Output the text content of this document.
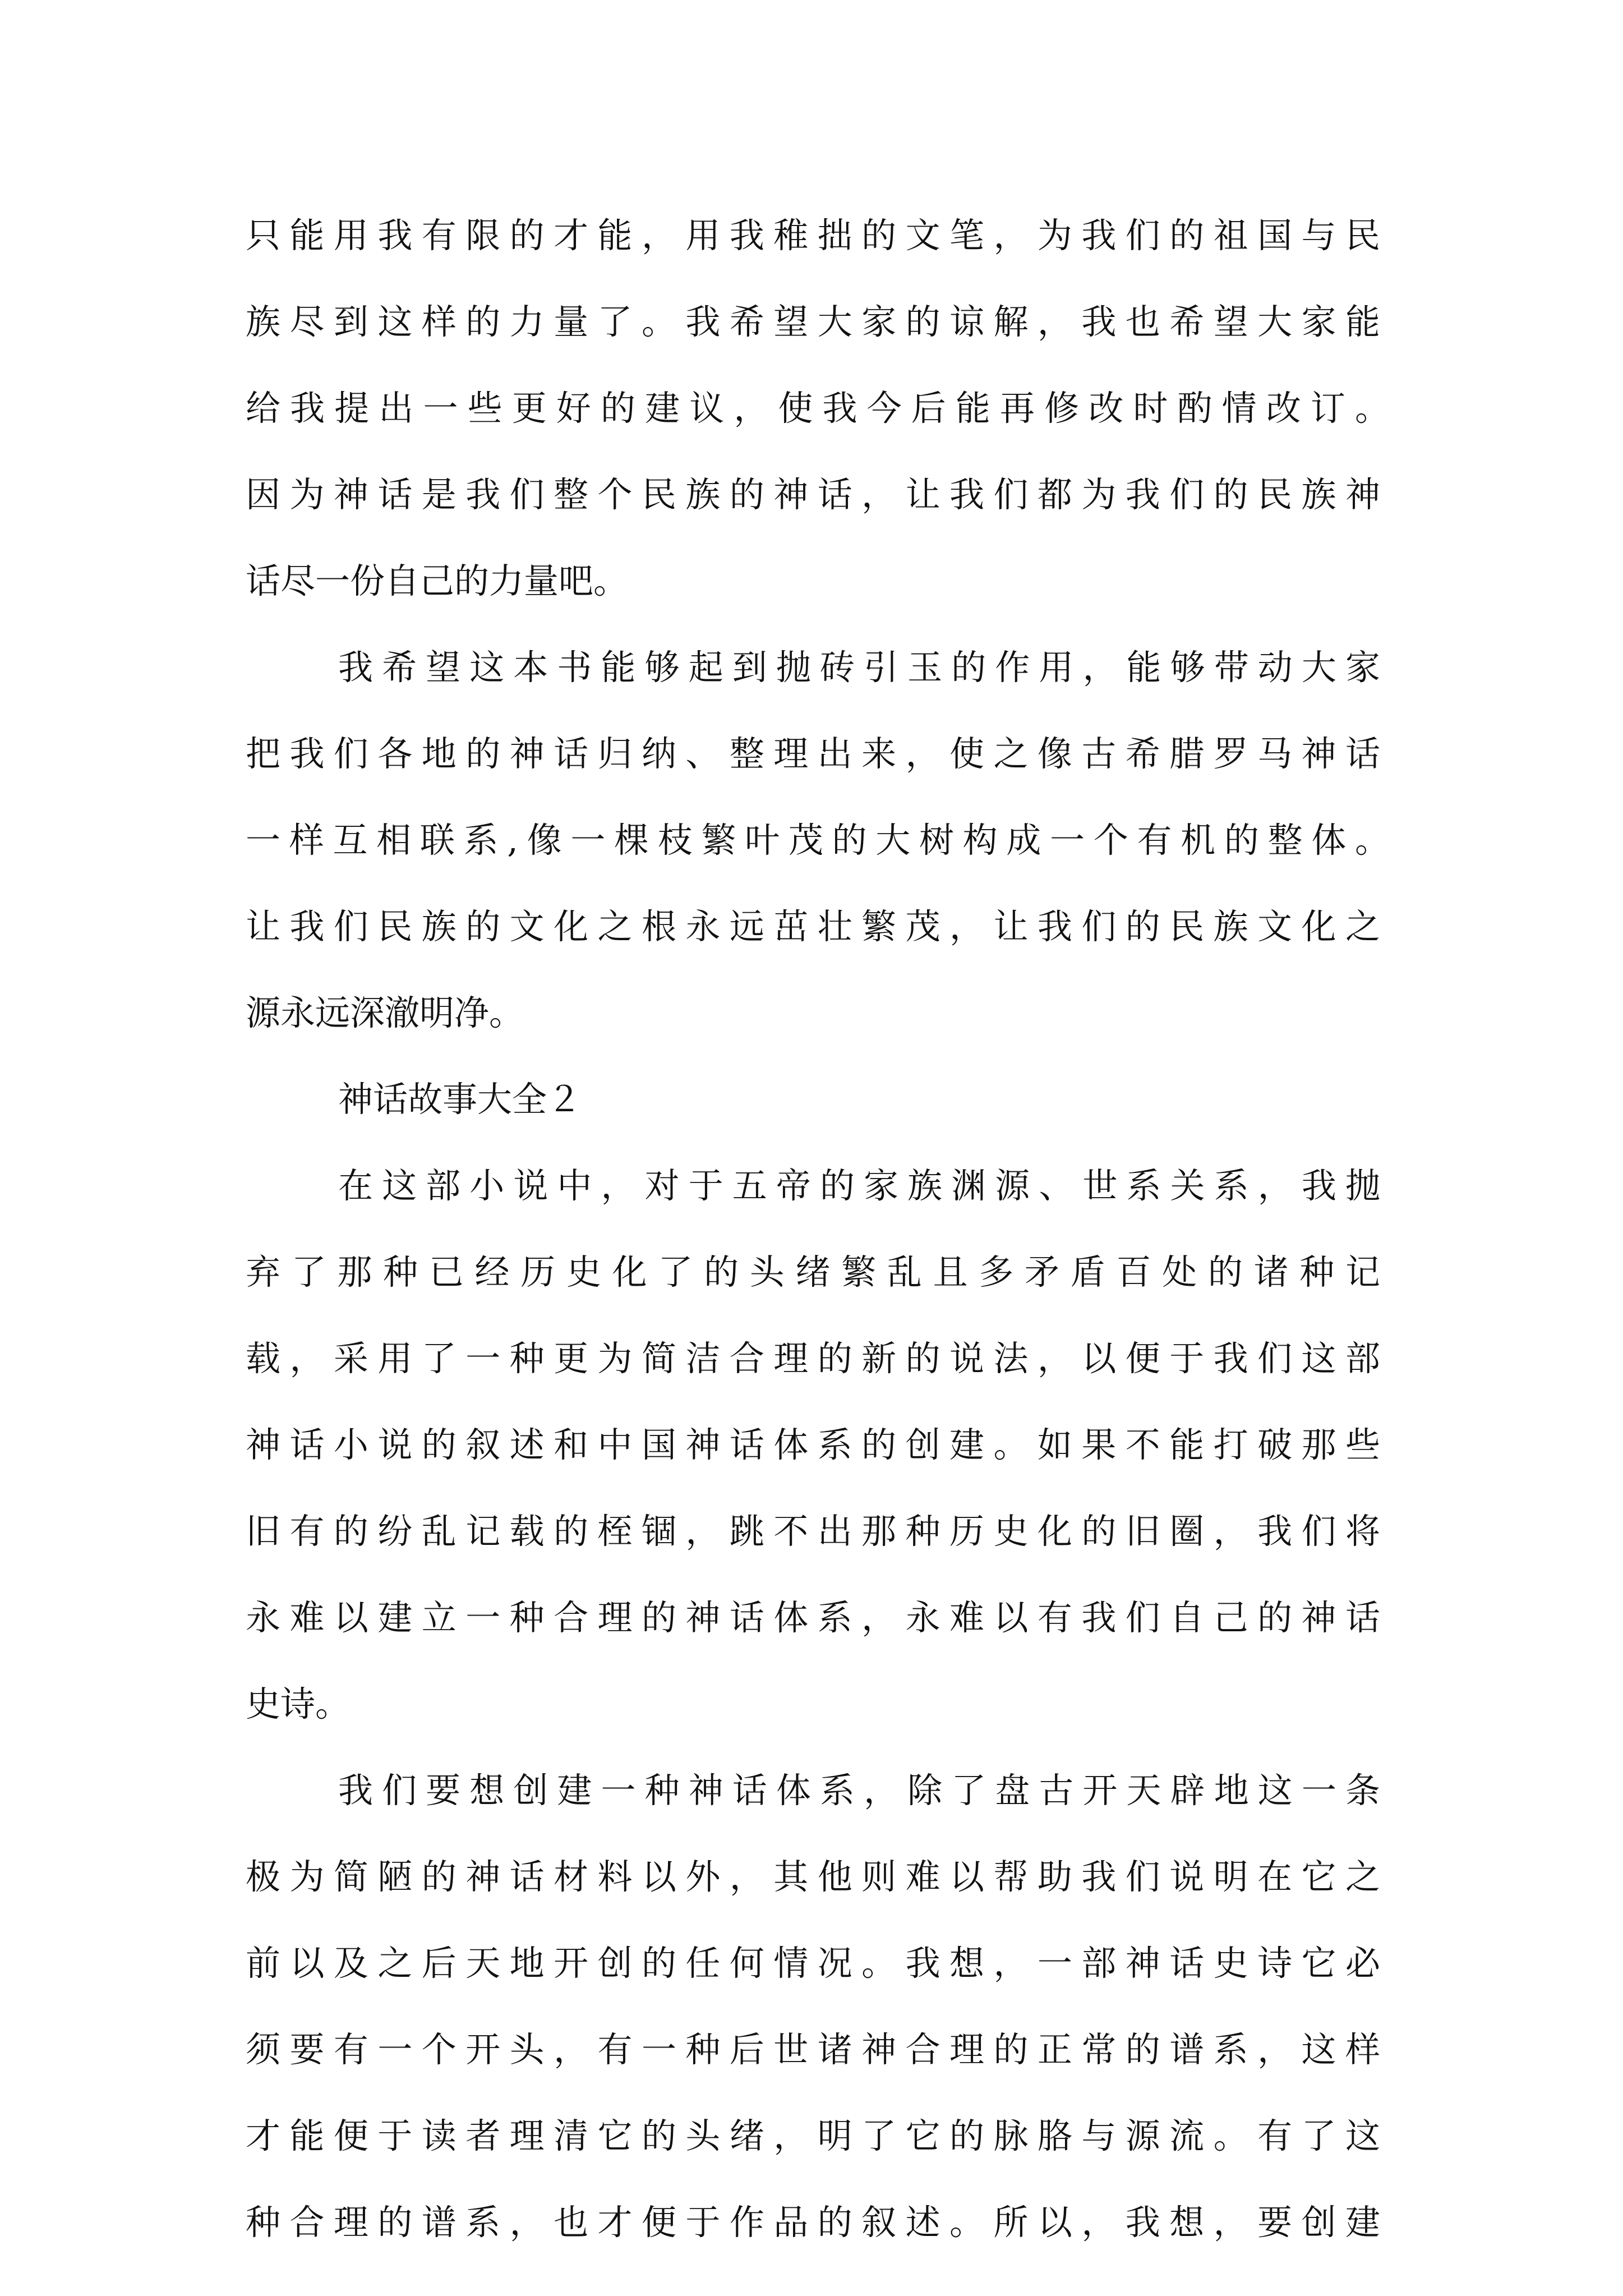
只能用我有限的才能，用我稚拙的文笔，为我们的祖国与民
族尽到这样的力量了。我希望大家的谅解，我也希望大家能
给我提出一些更好的建议，使我今后能再修改时酌情改订。
因为神话是我们整个民族的神话，让我们都为我们的民族神
话尽一份自己的力量吧。
我希望这本书能够起到抛砖引玉的作用，能够带动大家
把我们各地的神话归纳、整理出来，使之像古希腊罗马神话
一样互相联系,像一棵枝繁叶茂的大树构成一个有机的整体。
让我们民族的文化之根永远茁壮繁茂，让我们的民族文化之
源永远深澈明净。
神话故事大全２
在这部小说中，对于五帝的家族渊源、世系关系，我抛
弃了那种已经历史化了的头绪繁乱且多矛盾百处的诸种记
载，采用了一种更为简洁合理的新的说法，以便于我们这部
神话小说的叙述和中国神话体系的创建。如果不能打破那些
旧有的纷乱记载的桎锢，跳不出那种历史化的旧圈，我们将
永难以建立一种合理的神话体系，永难以有我们自己的神话
史诗。
我们要想创建一种神话体系，除了盘古开天辟地这一条
极为简陋的神话材料以外，其他则难以帮助我们说明在它之
前以及之后天地开创的任何情况。我想，一部神话史诗它必
须要有一个开头，有一种后世诸神合理的正常的谱系，这样
才能便于读者理清它的头绪，明了它的脉胳与源流。有了这
种合理的谱系，也才便于作品的叙述。所以，我想，要创建
